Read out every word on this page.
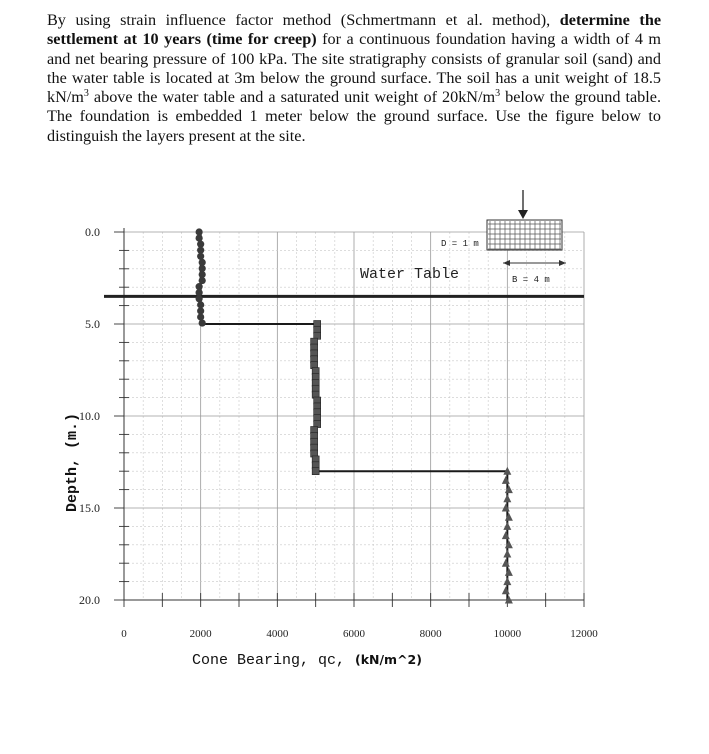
By using strain influence factor method (Schmertmann et al. method), determine the settlement at 10 years (time for creep) for a continuous foundation having a width of 4 m and net bearing pressure of 100 kPa. The site stratigraphy consists of granular soil (sand) and the water table is located at 3m below the ground surface. The soil has a unit weight of 18.5 $kN/m^3$ above the water table and a saturated unit weight of $20kN/m^3$ below the ground table. The foundation is embedded 1 meter below the ground surface. Use the figure below to distinguish the layers present at the site.
D = 1 m
B = 4 m
Water Table
0.0
5.0
10.0
15.0
20.0
0	2000	4000	6000	8000	10000	12000
Depth, (m.)
Cone Bearing, qc, (kN/m^2)
